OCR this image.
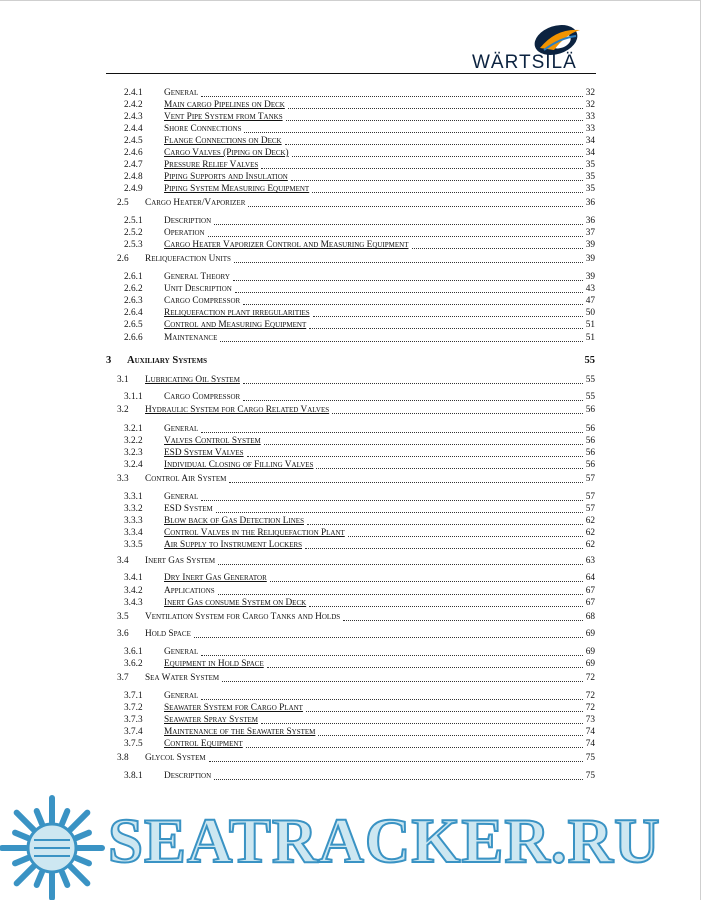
WÄRTSILÄ
2.4.1 General	32
2.4.2 Main cargo Pipelines on Deck	32
2.4.3 Vent Pipe System from Tanks	33
2.4.4 Shore Connections	33
2.4.5 Flange Connections on Deck	34
2.4.6 Cargo Valves (Piping on Deck)	34
2.4.7 Pressure Relief Valves	35
2.4.8 Piping Supports and Insulation	35
2.4.9 Piping System Measuring Equipment	35
2.5 Cargo Heater/Vaporizer	36
2.5.1 Description	36
2.5.2 Operation	37
2.5.3 Cargo Heater Vaporizer Control and Measuring Equipment	39
2.6 Reliquefaction Units	39
2.6.1 General Theory	39
2.6.2 Unit Description	43
2.6.3 Cargo Compressor	47
2.6.4 Reliquefaction plant irregularities	50
2.6.5 Control and Measuring Equipment	51
2.6.6 Maintenance	51
3 Auxiliary Systems	55
3.1 Lubricating Oil System	55
3.1.1 Cargo Compressor	55
3.2 Hydraulic System for Cargo Related Valves	56
3.2.1 General	56
3.2.2 Valves Control System	56
3.2.3 ESD System Valves	56
3.2.4 Individual Closing of Filling Valves	56
3.3 Control Air System	57
3.3.1 General	57
3.3.2 ESD System	57
3.3.3 Blow back of Gas Detection Lines	62
3.3.4 Control Valves in the Reliquefaction Plant	62
3.3.5 Air Supply to Instrument Lockers	62
3.4 Inert Gas System	63
3.4.1 Dry Inert Gas Generator	64
3.4.2 Applications	67
3.4.3 Inert Gas consume System on Deck	67
3.5 Ventilation System for Cargo Tanks and Holds	68
3.6 Hold Space	69
3.6.1 General	69
3.6.2 Equipment in Hold Space	69
3.7 Sea Water System	72
3.7.1 General	72
3.7.2 Seawater System for Cargo Plant	72
3.7.3 Seawater Spray System	73
3.7.4 Maintenance of the Seawater System	74
3.7.5 Control Equipment	74
3.8 Glycol System	75
3.8.1 Description	75
SEATRACKER.RU
